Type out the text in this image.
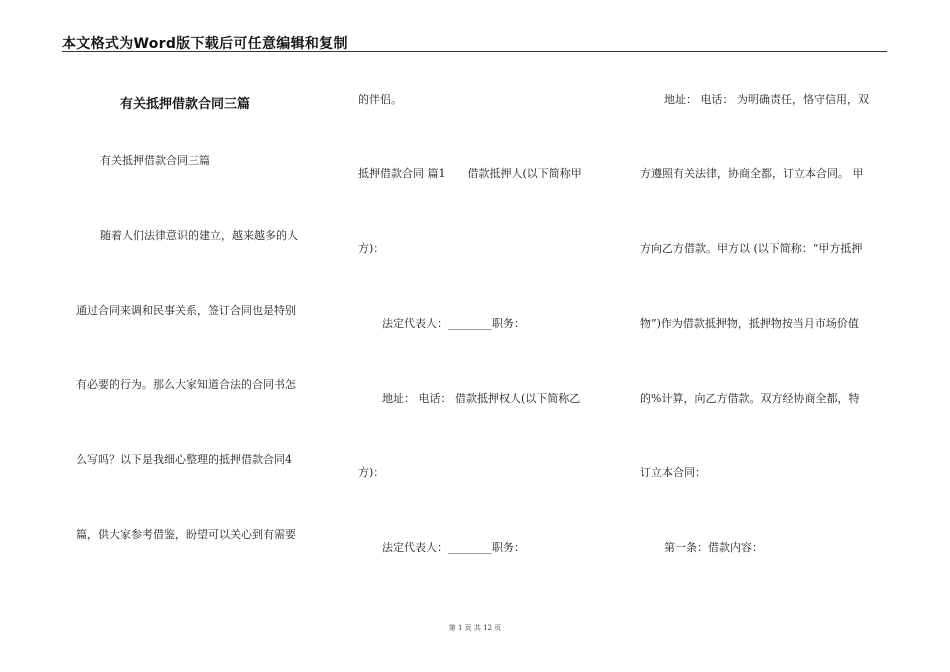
本文格式为Word版下载后可任意编辑和复制
有关抵押借款合同三篇
有关抵押借款合同三篇
随着人们法律意识的建立，越来越多的人
通过合同来调和民事关系，签订合同也是特别
有必要的行为。那么大家知道合法的合同书怎
么写吗？以下是我细心整理的抵押借款合同4
篇，供大家参考借鉴，盼望可以关心到有需要
的伴侣。
抵押借款合同 篇1　　借款抵押人(以下简称甲
方)：
法定代表人：________职务：
地址： 电话： 借款抵押权人(以下简称乙
方)：
法定代表人：________职务：
地址： 电话： 为明确责任，恪守信用，双
方遵照有关法律，协商全都，订立本合同。 甲
方向乙方借款。甲方以 (以下简称：“甲方抵押
物”)作为借款抵押物，抵押物按当月市场价值
的%计算，向乙方借款。双方经协商全都，特
订立本合同：
第一条：借款内容：
第 1 页 共 12 页
